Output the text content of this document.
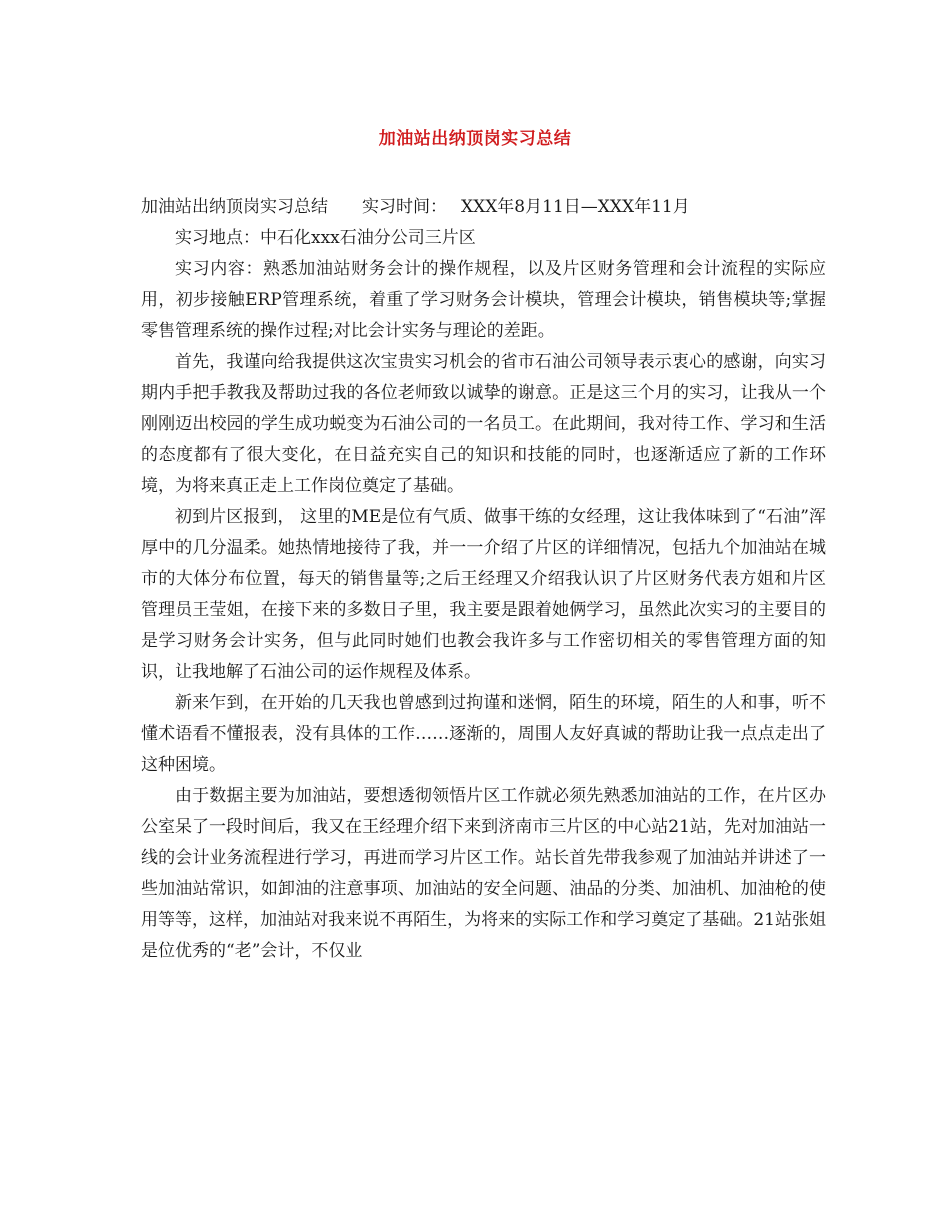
加油站出纳顶岗实习总结

加油站出纳顶岗实习总结 实习时间： XXX年8月11日—XXX年11月

实习地点：中石化xxx石油分公司三片区

实习内容：熟悉加油站财务会计的操作规程，以及片区财务管理和会计流程的实际应用，初步接触ERP管理系统，着重了学习财务会计模块，管理会计模块，销售模块等;掌握零售管理系统的操作过程;对比会计实务与理论的差距。

首先，我谨向给我提供这次宝贵实习机会的省市石油公司领导表示衷心的感谢，向实习期内手把手教我及帮助过我的各位老师致以诚挚的谢意。正是这三个月的实习，让我从一个刚刚迈出校园的学生成功蜕变为石油公司的一名员工。在此期间，我对待工作、学习和生活的态度都有了很大变化，在日益充实自己的知识和技能的同时，也逐渐适应了新的工作环境，为将来真正走上工作岗位奠定了基础。

初到片区报到， 这里的ME是位有气质、做事干练的女经理，这让我体味到了“石油”浑厚中的几分温柔。她热情地接待了我，并一一介绍了片区的详细情况，包括九个加油站在城市的大体分布位置，每天的销售量等;之后王经理又介绍我认识了片区财务代表方姐和片区管理员王莹姐，在接下来的多数日子里，我主要是跟着她俩学习，虽然此次实习的主要目的是学习财务会计实务，但与此同时她们也教会我许多与工作密切相关的零售管理方面的知识，让我地解了石油公司的运作规程及体系。

新来乍到，在开始的几天我也曾感到过拘谨和迷惘，陌生的环境，陌生的人和事，听不懂术语看不懂报表，没有具体的工作……逐渐的，周围人友好真诚的帮助让我一点点走出了这种困境。

由于数据主要为加油站，要想透彻领悟片区工作就必须先熟悉加油站的工作，在片区办公室呆了一段时间后，我又在王经理介绍下来到济南市三片区的中心站21站，先对加油站一线的会计业务流程进行学习，再进而学习片区工作。站长首先带我参观了加油站并讲述了一些加油站常识，如卸油的注意事项、加油站的安全问题、油品的分类、加油机、加油枪的使用等等，这样，加油站对我来说不再陌生，为将来的实际工作和学习奠定了基础。21站张姐是位优秀的“老”会计，不仅业
